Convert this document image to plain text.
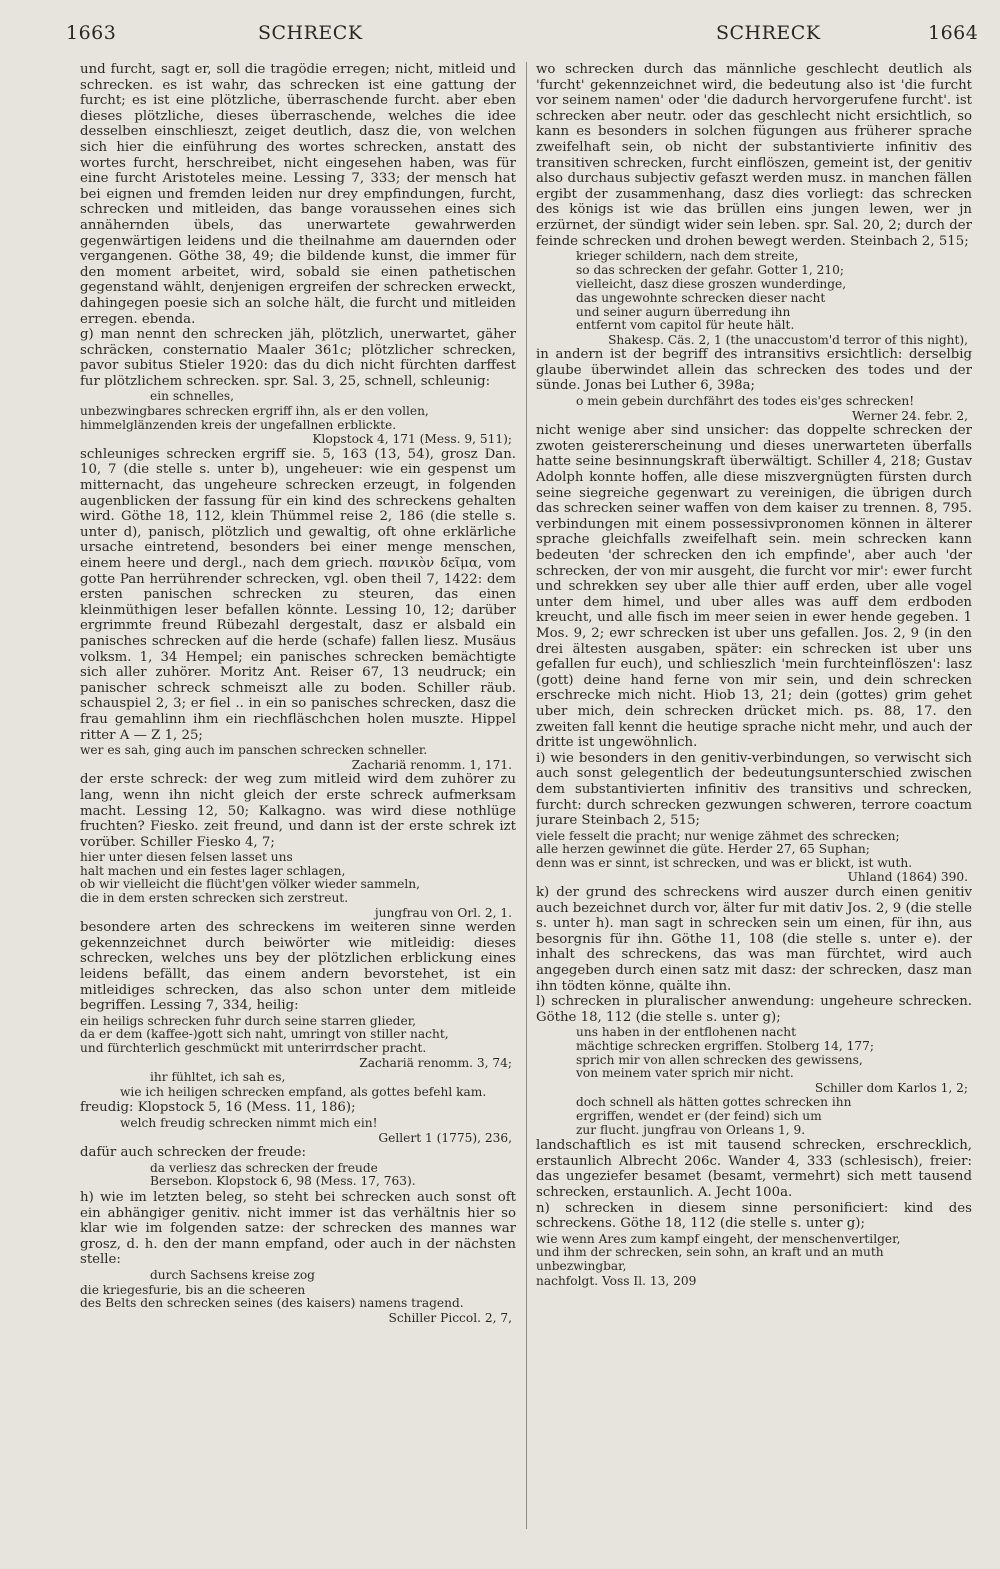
1663	SCHRECK	SCHRECK	1664

und furcht, sagt er, soll die tragödie erregen; nicht, mitleid und schrecken. es ist wahr, das schrecken ist eine gattung der furcht; es ist eine plötzliche, überraschende furcht. aber eben dieses plötzliche, dieses überraschende, welches die idee desselben einschlieszt, zeiget deutlich, dasz die, von welchen sich hier die einführung des wortes schrecken, anstatt des wortes furcht, herschreibet, nicht eingesehen haben, was für eine furcht Aristoteles meine. Lessing 7, 333; der mensch hat bei eignen und fremden leiden nur drey empfindungen, furcht, schrecken und mitleiden, das bange voraussehen eines sich annähernden übels, das unerwartete gewahrwerden gegenwärtigen leidens und die theilnahme am dauernden oder vergangenen. Göthe 38, 49; die bildende kunst, die immer für den moment arbeitet, wird, sobald sie einen pathetischen gegenstand wählt, denjenigen ergreifen der schrecken erweckt, dahingegen poesie sich an solche hält, die furcht und mitleiden erregen. ebenda.

g) man nennt den schrecken jäh, plötzlich, unerwartet, gäher schräcken, consternatio Maaler 361c; plötzlicher schrecken, pavor subitus Stieler 1920: das du dich nicht fürchten darffest fur plötzlichem schrecken. spr. Sal. 3, 25, schnell, schleunig:

ein schnelles,
unbezwingbares schrecken ergriff ihn, als er den vollen,
himmelglänzenden kreis der ungefallnen erblickte.
Klopstock 4, 171 (Mess. 9, 511);

schleuniges schrecken ergriff sie. 5, 163 (13, 54), grosz Dan. 10, 7 (die stelle s. unter b), ungeheuer: wie ein gespenst um mitternacht, das ungeheure schrecken erzeugt, in folgenden augenblicken der fassung für ein kind des schreckens gehalten wird. Göthe 18, 112, klein Thümmel reise 2, 186 (die stelle s. unter d), panisch, plötzlich und gewaltig, oft ohne erklärliche ursache eintretend, besonders bei einer menge menschen, einem heere und dergl., nach dem griech. πανικὸν δεῖμα, vom gotte Pan herrührender schrecken, vgl. oben theil 7, 1422: dem ersten panischen schrecken zu steuren, das einen kleinmüthigen leser befallen könnte. Lessing 10, 12; darüber ergrimmte freund Rübezahl dergestalt, dasz er alsbald ein panisches schrecken auf die herde (schafe) fallen liesz. Musäus volksm. 1, 34 Hempel; ein panisches schrecken bemächtigte sich aller zuhörer. Moritz Ant. Reiser 67, 13 neudruck; ein panischer schreck schmeiszt alle zu boden. Schiller räub. schauspiel 2, 3; er fiel .. in ein so panisches schrecken, dasz die frau gemahlinn ihm ein riechfläschchen holen muszte. Hippel ritter A — Z 1, 25;

wer es sah, ging auch im panschen schrecken schneller.
Zachariä renomm. 1, 171.

der erste schreck: der weg zum mitleid wird dem zuhörer zu lang, wenn ihn nicht gleich der erste schreck aufmerksam macht. Lessing 12, 50; Kalkagno. was wird diese nothlüge fruchten? Fiesko. zeit freund, und dann ist der erste schrek izt vorüber. Schiller Fiesko 4, 7;

hier unter diesen felsen lasset uns
halt machen und ein festes lager schlagen,
ob wir vielleicht die flücht'gen völker wieder sammeln,
die in dem ersten schrecken sich zerstreut.
jungfrau von Orl. 2, 1.

besondere arten des schreckens im weiteren sinne werden gekennzeichnet durch beiwörter wie mitleidig: dieses schrecken, welches uns bey der plötzlichen erblickung eines leidens befällt, das einem andern bevorstehet, ist ein mitleidiges schrecken, das also schon unter dem mitleide begriffen. Lessing 7, 334, heilig:

ein heiligs schrecken fuhr durch seine starren glieder,
da er dem (kaffee-)gott sich naht, umringt von stiller nacht,
und fürchterlich geschmückt mit unterirrdscher pracht.
Zachariä renomm. 3, 74;
ihr fühltet, ich sah es,
wie ich heiligen schrecken empfand, als gottes befehl kam.

freudig: Klopstock 5, 16 (Mess. 11, 186);

welch freudig schrecken nimmt mich ein!
Gellert 1 (1775), 236,

dafür auch schrecken der freude:

da verliesz das schrecken der freude
Bersebon. Klopstock 6, 98 (Mess. 17, 763).

h) wie im letzten beleg, so steht bei schrecken auch sonst oft ein abhängiger genitiv. nicht immer ist das verhältnis hier so klar wie im folgenden satze: der schrecken des mannes war grosz, d. h. den der mann empfand, oder auch in der nächsten stelle:

durch Sachsens kreise zog
die kriegesfurie, bis an die scheeren
des Belts den schrecken seines (des kaisers) namens tragend.
Schiller Piccol. 2, 7,

wo schrecken durch das männliche geschlecht deutlich als 'furcht' gekennzeichnet wird, die bedeutung also ist 'die furcht vor seinem namen' oder 'die dadurch hervorgerufene furcht'. ist schrecken aber neutr. oder das geschlecht nicht ersichtlich, so kann es besonders in solchen fügungen aus früherer sprache zweifelhaft sein, ob nicht der substantivierte infinitiv des transitiven schrecken, furcht einflöszen, gemeint ist, der genitiv also durchaus subjectiv gefaszt werden musz. in manchen fällen ergibt der zusammenhang, dasz dies vorliegt: das schrecken des königs ist wie das brüllen eins jungen lewen, wer jn erzürnet, der sündigt wider sein leben. spr. Sal. 20, 2; durch der feinde schrecken und drohen bewegt werden. Steinbach 2, 515;

krieger schildern, nach dem streite,
so das schrecken der gefahr. Gotter 1, 210;
vielleicht, dasz diese groszen wunderdinge,
das ungewohnte schrecken dieser nacht
und seiner augurn überredung ihn
entfernt vom capitol für heute hält.
Shakesp. Cäs. 2, 1 (the unaccustom'd terror of this night),

in andern ist der begriff des intransitivs ersichtlich: derselbig glaube überwindet allein das schrecken des todes und der sünde. Jonas bei Luther 6, 398a;

o mein gebein durchfährt des todes eis'ges schrecken!
Werner 24. febr. 2,

nicht wenige aber sind unsicher: das doppelte schrecken der zwoten geistererscheinung und dieses unerwarteten überfalls hatte seine besinnungskraft überwältigt. Schiller 4, 218; Gustav Adolph konnte hoffen, alle diese miszvergnügten fürsten durch seine siegreiche gegenwart zu vereinigen, die übrigen durch das schrecken seiner waffen von dem kaiser zu trennen. 8, 795. verbindungen mit einem possessivpronomen können in älterer sprache gleichfalls zweifelhaft sein. mein schrecken kann bedeuten 'der schrecken den ich empfinde', aber auch 'der schrecken, der von mir ausgeht, die furcht vor mir': ewer furcht und schrekken sey uber alle thier auff erden, uber alle vogel unter dem himel, und uber alles was auff dem erdboden kreucht, und alle fisch im meer seien in ewer hende gegeben. 1 Mos. 9, 2; ewr schrecken ist uber uns gefallen. Jos. 2, 9 (in den drei ältesten ausgaben, später: ein schrecken ist uber uns gefallen fur euch), und schlieszlich 'mein furchteinflöszen': lasz (gott) deine hand ferne von mir sein, und dein schrecken erschrecke mich nicht. Hiob 13, 21; dein (gottes) grim gehet uber mich, dein schrecken drücket mich. ps. 88, 17. den zweiten fall kennt die heutige sprache nicht mehr, und auch der dritte ist ungewöhnlich.

i) wie besonders in den genitiv-verbindungen, so verwischt sich auch sonst gelegentlich der bedeutungsunterschied zwischen dem substantivierten infinitiv des transitivs und schrecken, furcht: durch schrecken gezwungen schweren, terrore coactum jurare Steinbach 2, 515;

viele fesselt die pracht; nur wenige zähmet des schrecken;
alle herzen gewinnet die güte. Herder 27, 65 Suphan;
denn was er sinnt, ist schrecken, und was er blickt, ist wuth.
Uhland (1864) 390.

k) der grund des schreckens wird auszer durch einen genitiv auch bezeichnet durch vor, älter fur mit dativ Jos. 2, 9 (die stelle s. unter h). man sagt in schrecken sein um einen, für ihn, aus besorgnis für ihn. Göthe 11, 108 (die stelle s. unter e). der inhalt des schreckens, das was man fürchtet, wird auch angegeben durch einen satz mit dasz: der schrecken, dasz man ihn tödten könne, quälte ihn.

l) schrecken in pluralischer anwendung: ungeheure schrecken. Göthe 18, 112 (die stelle s. unter g);

uns haben in der entflohenen nacht
mächtige schrecken ergriffen. Stolberg 14, 177;
sprich mir von allen schrecken des gewissens,
von meinem vater sprich mir nicht.
Schiller dom Karlos 1, 2;
doch schnell als hätten gottes schrecken ihn
ergriffen, wendet er (der feind) sich um
zur flucht. jungfrau von Orleans 1, 9.

landschaftlich es ist mit tausend schrecken, erschrecklich, erstaunlich Albrecht 206c. Wander 4, 333 (schlesisch), freier: das ungeziefer besamet (besamt, vermehrt) sich mett tausend schrecken, erstaunlich. A. Jecht 100a.

n) schrecken in diesem sinne personificiert: kind des schreckens. Göthe 18, 112 (die stelle s. unter g);

wie wenn Ares zum kampf eingeht, der menschenvertilger,
und ihm der schrecken, sein sohn, an kraft und an muth
unbezwingbar,
nachfolgt. Voss Il. 13, 209
